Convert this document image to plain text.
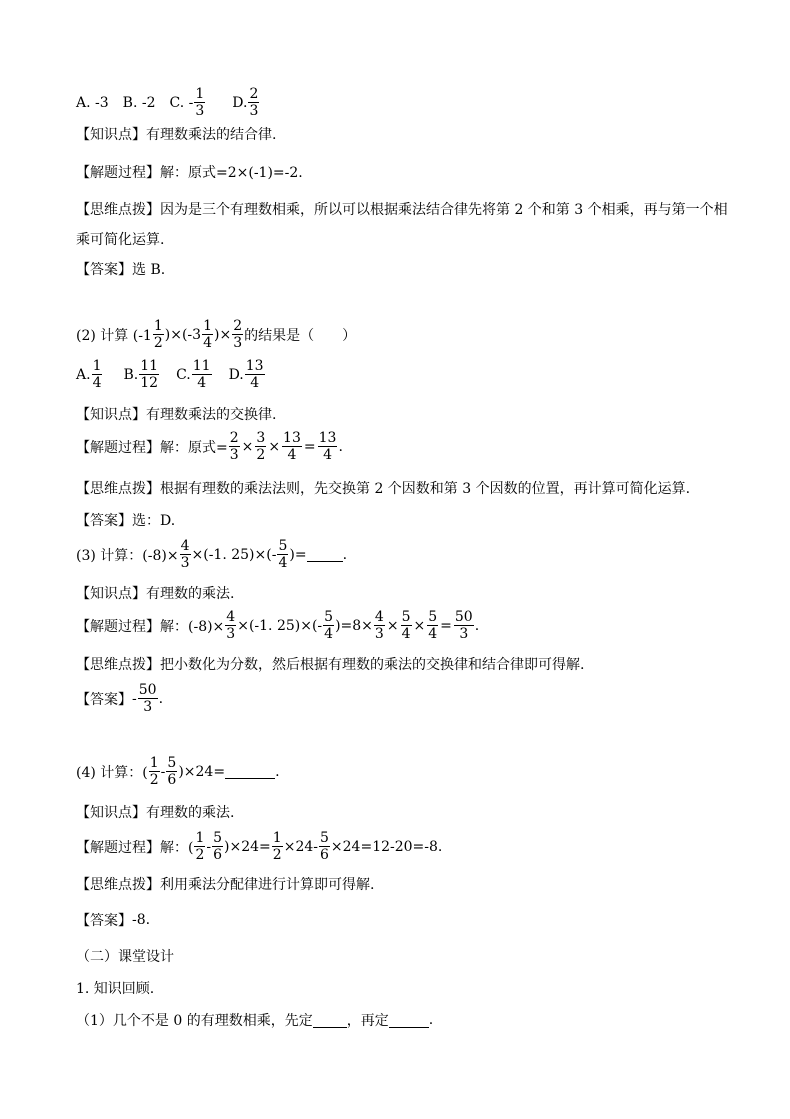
A. -3 B. -2 C. - $\frac{1}{3} D$. $\frac{2}{3}$
【知识点】 有理数乘法的结合律.
【解题过程】 解：原式=2×(-1)=-2.
【思维点拨】 因为是三个有理数相乘，所以可以根据乘法结合律先将第 2 个和第 3 个相乘，再与第一个相
乘可简化运算.
【答案】 选 B.
(2) 计算 $(-1 \frac{1}{2} )\times(-3 \frac{1}{4}$ )× $\frac{2}{3}$ 的结果是（　　）
A. $\frac{1}{4} B$. $\frac{11}{12} C$. $\frac{11}{4} D$. $\frac{13}{4}$
【知识点】 有理数乘法的交换律.
【解题过程】 解：原式= $\frac{2}{3} \times \frac{3}{2} \times \frac{13}{4} = \frac{13}{4}$ .
【思维点拨】 根据有理数的乘法法则，先交换第 2 个因数和第 3 个因数的位置，再计算可简化运算.
【答案】 选：D.
(3) 计算：$(-8)\times \frac{4}{3} \times(-1$. $25)\times(- \frac{5}{4}$ )=	.
【知识点】 有理数的乘法.
【解题过程】 解：$(-8)\times \frac{4}{3} \times(-1$. $25)\times(- \frac{5}{4} )=8\times \frac{4}{3} \times \frac{5}{4} \times \frac{5}{4} = \frac{50}{3}$ .
【思维点拨】 把小数化为分数，然后根据有理数的乘法的交换律和结合律即可得解.
【答案】 - $\frac{50}{3}$ .
(4) 计算：( $\frac{1}{2} - \frac{5}{6} )\times 24=$	.
【知识点】 有理数的乘法.
【解题过程】 解：( $\frac{1}{2} - \frac{5}{6} )\times 24= \frac{1}{2} \times 24- \frac{5}{6} \times 24=12-20=-8$.
【思维点拨】 利用乘法分配律进行计算即可得解.
【答案】 -8.
（二）课堂设计
1. 知识回顾.
（1）几个不是 0 的有理数相乘，先定 ，再定	.
